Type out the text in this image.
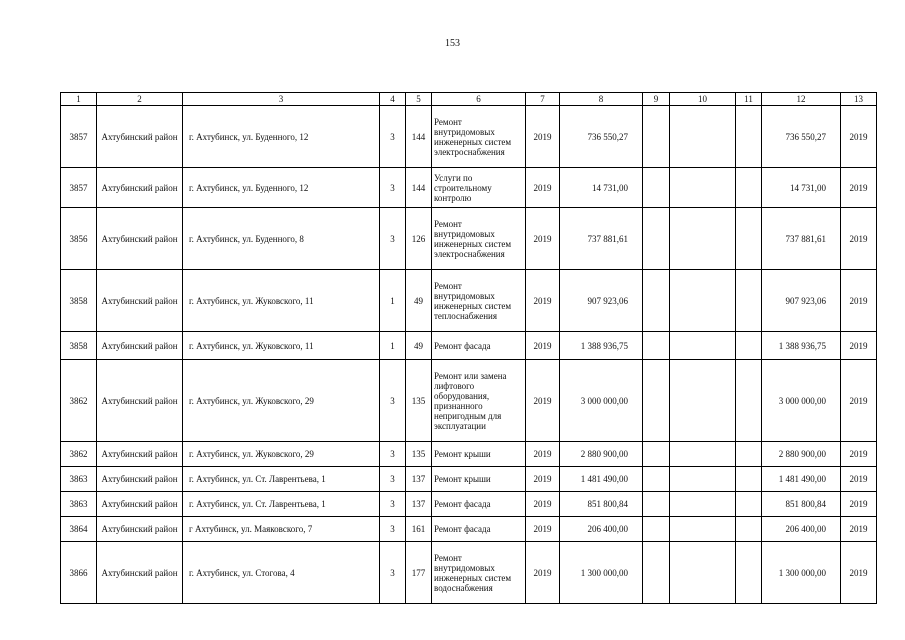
153
1	2	3	4	5	6	7	8	9	10	11	12	13
3857	Ахтубинский район	г. Ахтубинск, ул. Буденного, 12	3	144	Ремонт внутридомовых инженерных систем электроснабжения	2019	736 550,27				736 550,27	2019
3857	Ахтубинский район	г. Ахтубинск, ул. Буденного, 12	3	144	Услуги по строительному контролю	2019	14 731,00				14 731,00	2019
3856	Ахтубинский район	г. Ахтубинск, ул. Буденного, 8	3	126	Ремонт внутридомовых инженерных систем электроснабжения	2019	737 881,61				737 881,61	2019
3858	Ахтубинский район	г. Ахтубинск, ул. Жуковского, 11	1	49	Ремонт внутридомовых инженерных систем теплоснабжения	2019	907 923,06				907 923,06	2019
3858	Ахтубинский район	г. Ахтубинск, ул. Жуковского, 11	1	49	Ремонт фасада	2019	1 388 936,75				1 388 936,75	2019
3862	Ахтубинский район	г. Ахтубинск, ул. Жуковского, 29	3	135	Ремонт или замена лифтового оборудования, признанного непригодным для эксплуатации	2019	3 000 000,00				3 000 000,00	2019
3862	Ахтубинский район	г. Ахтубинск, ул. Жуковского, 29	3	135	Ремонт крыши	2019	2 880 900,00				2 880 900,00	2019
3863	Ахтубинский район	г. Ахтубинск, ул. Ст. Лаврентьева, 1	3	137	Ремонт крыши	2019	1 481 490,00				1 481 490,00	2019
3863	Ахтубинский район	г. Ахтубинск, ул. Ст. Лаврентьева, 1	3	137	Ремонт фасада	2019	851 800,84				851 800,84	2019
3864	Ахтубинский район	г Ахтубинск, ул. Маяковского, 7	3	161	Ремонт фасада	2019	206 400,00				206 400,00	2019
3866	Ахтубинский район	г. Ахтубинск, ул. Стогова, 4	3	177	Ремонт внутридомовых инженерных систем водоснабжения	2019	1 300 000,00				1 300 000,00	2019
